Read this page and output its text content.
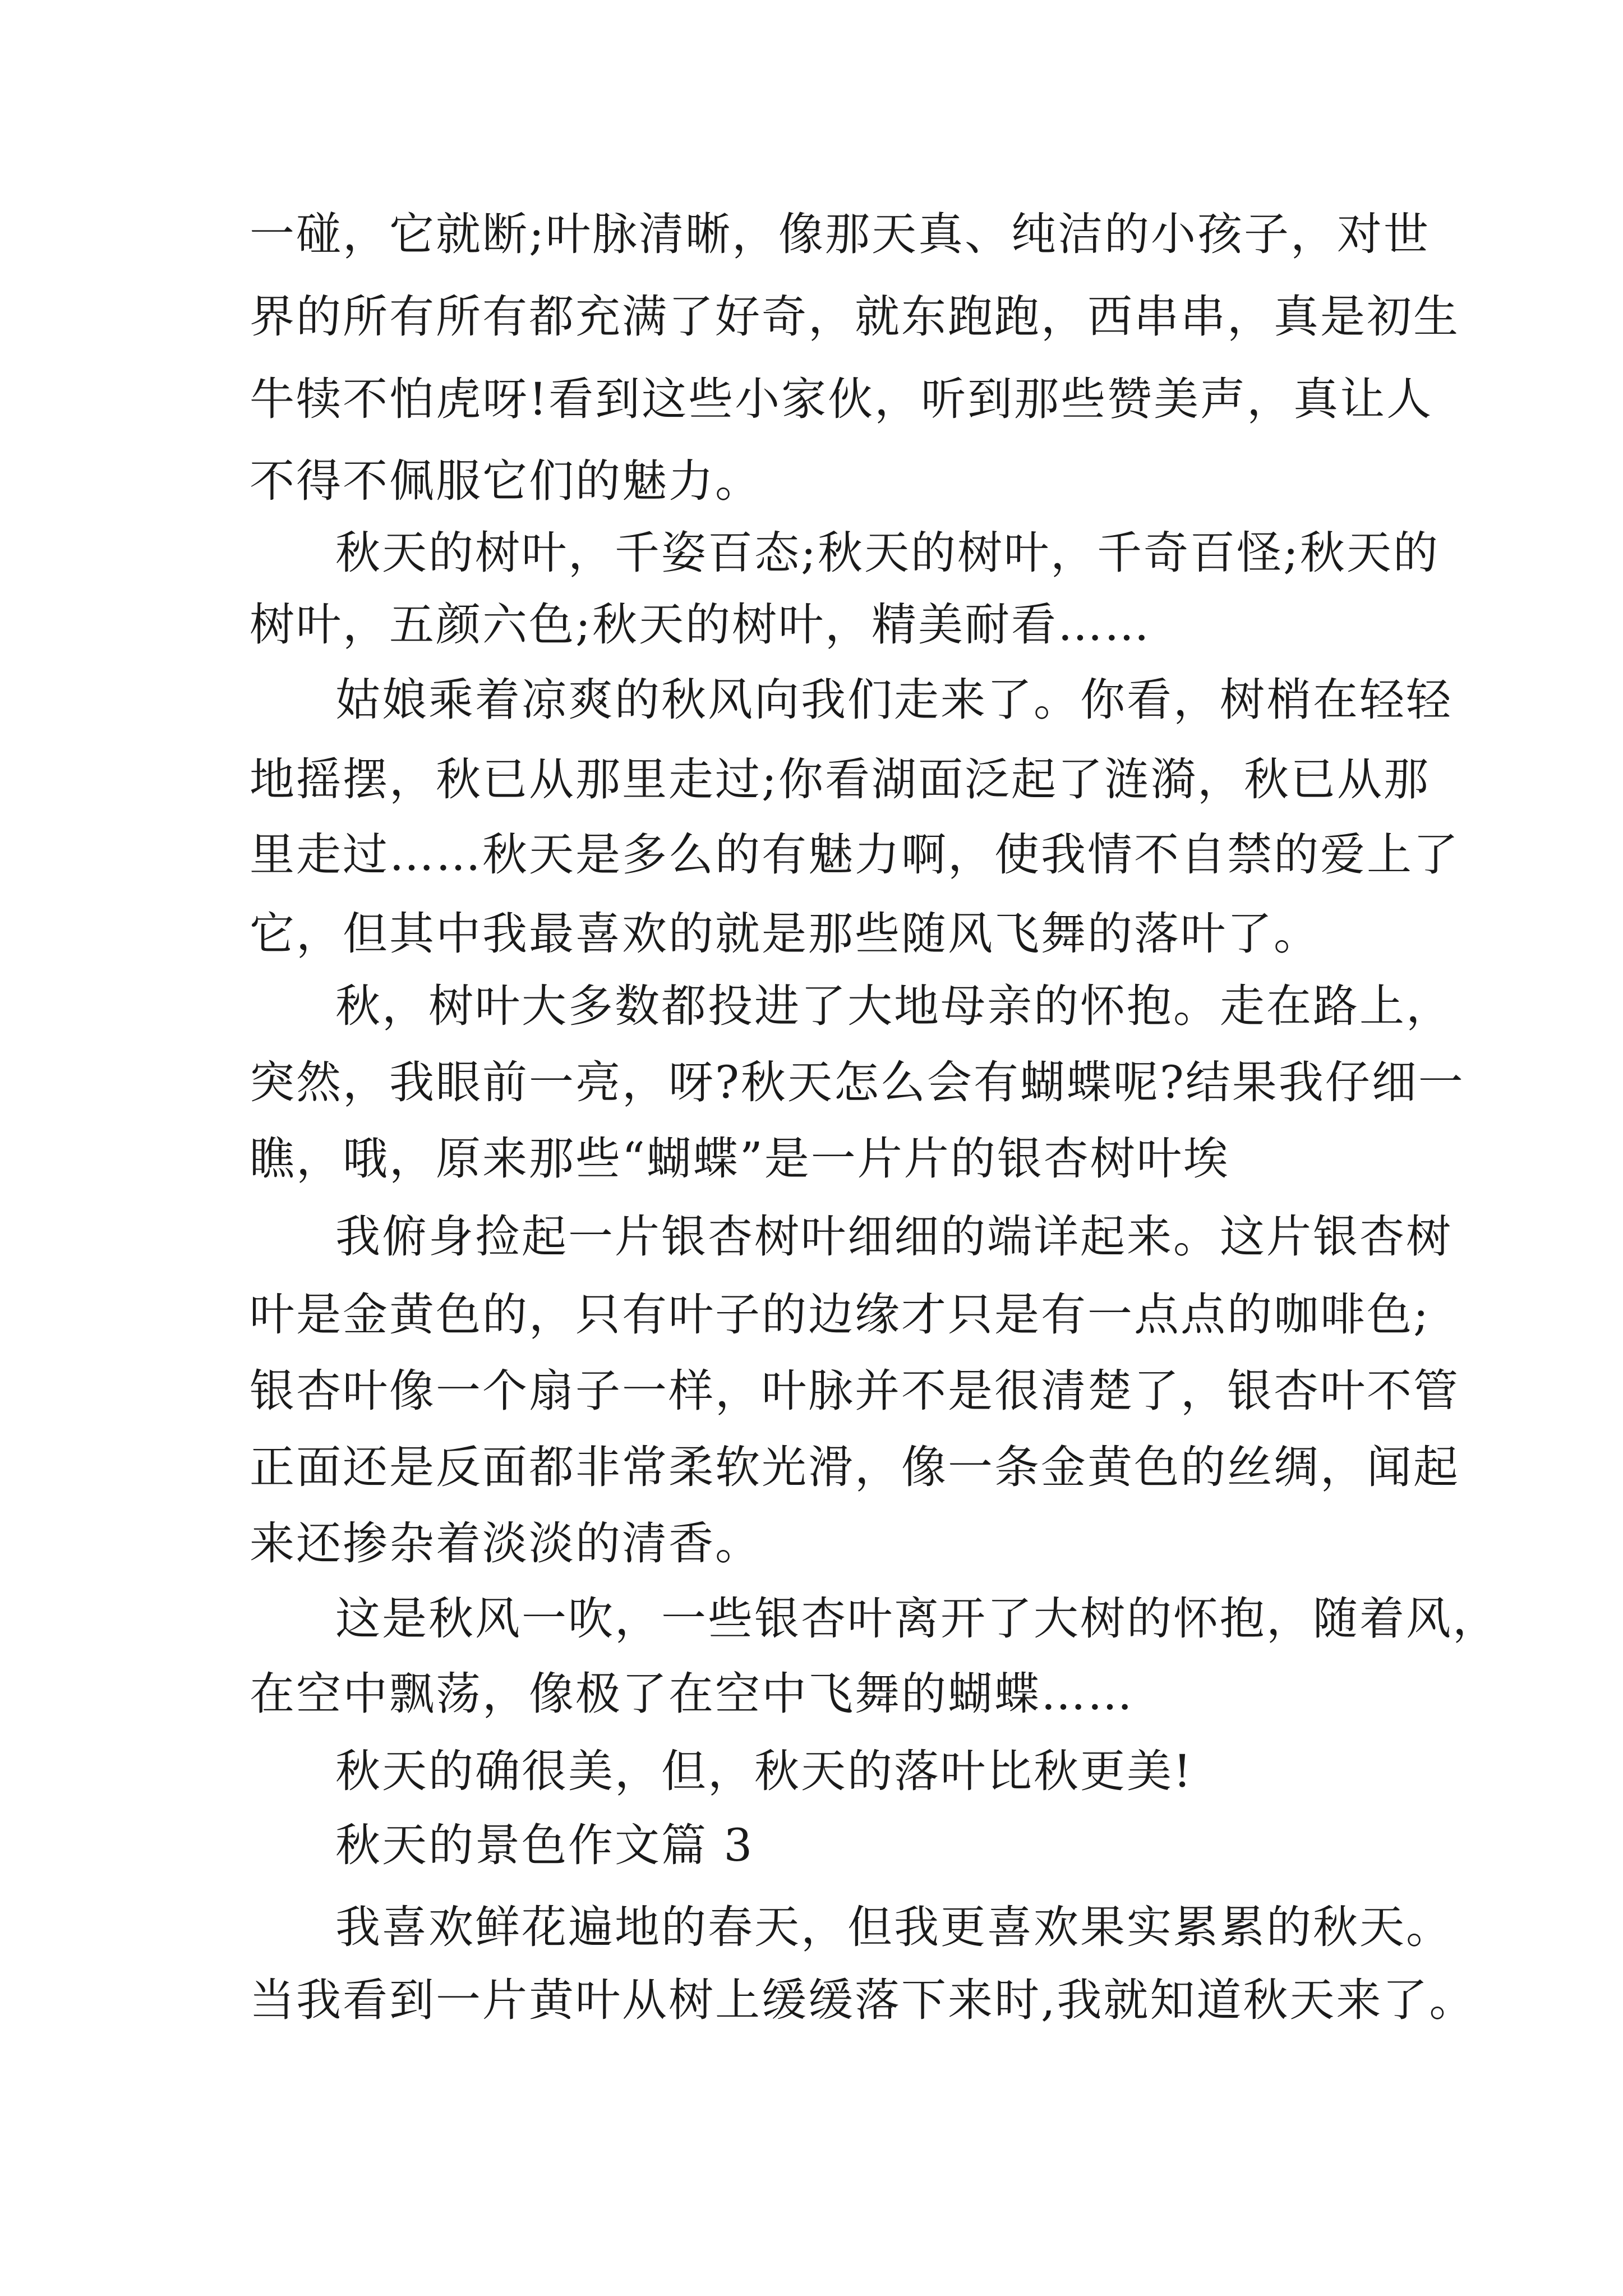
一碰，它就断;叶脉清晰，像那天真、纯洁的小孩子，对世
界的所有所有都充满了好奇，就东跑跑，西串串，真是初生
牛犊不怕虎呀!看到这些小家伙，听到那些赞美声，真让人
不得不佩服它们的魅力。
秋天的树叶，千姿百态;秋天的树叶，千奇百怪;秋天的
树叶，五颜六色;秋天的树叶，精美耐看……
姑娘乘着凉爽的秋风向我们走来了。你看，树梢在轻轻
地摇摆，秋已从那里走过;你看湖面泛起了涟漪，秋已从那
里走过……秋天是多么的有魅力啊，使我情不自禁的爱上了
它，但其中我最喜欢的就是那些随风飞舞的落叶了。
秋，树叶大多数都投进了大地母亲的怀抱。走在路上，
突然，我眼前一亮，呀?秋天怎么会有蝴蝶呢?结果我仔细一
瞧，哦，原来那些“蝴蝶”是一片片的银杏树叶埃
我俯身捡起一片银杏树叶细细的端详起来。这片银杏树
叶是金黄色的，只有叶子的边缘才只是有一点点的咖啡色;
银杏叶像一个扇子一样，叶脉并不是很清楚了，银杏叶不管
正面还是反面都非常柔软光滑，像一条金黄色的丝绸，闻起
来还掺杂着淡淡的清香。
这是秋风一吹，一些银杏叶离开了大树的怀抱，随着风，
在空中飘荡，像极了在空中飞舞的蝴蝶……
秋天的确很美，但，秋天的落叶比秋更美!
秋天的景色作文篇 3
我喜欢鲜花遍地的春天，但我更喜欢果实累累的秋天。
当我看到一片黄叶从树上缓缓落下来时,我就知道秋天来了。
